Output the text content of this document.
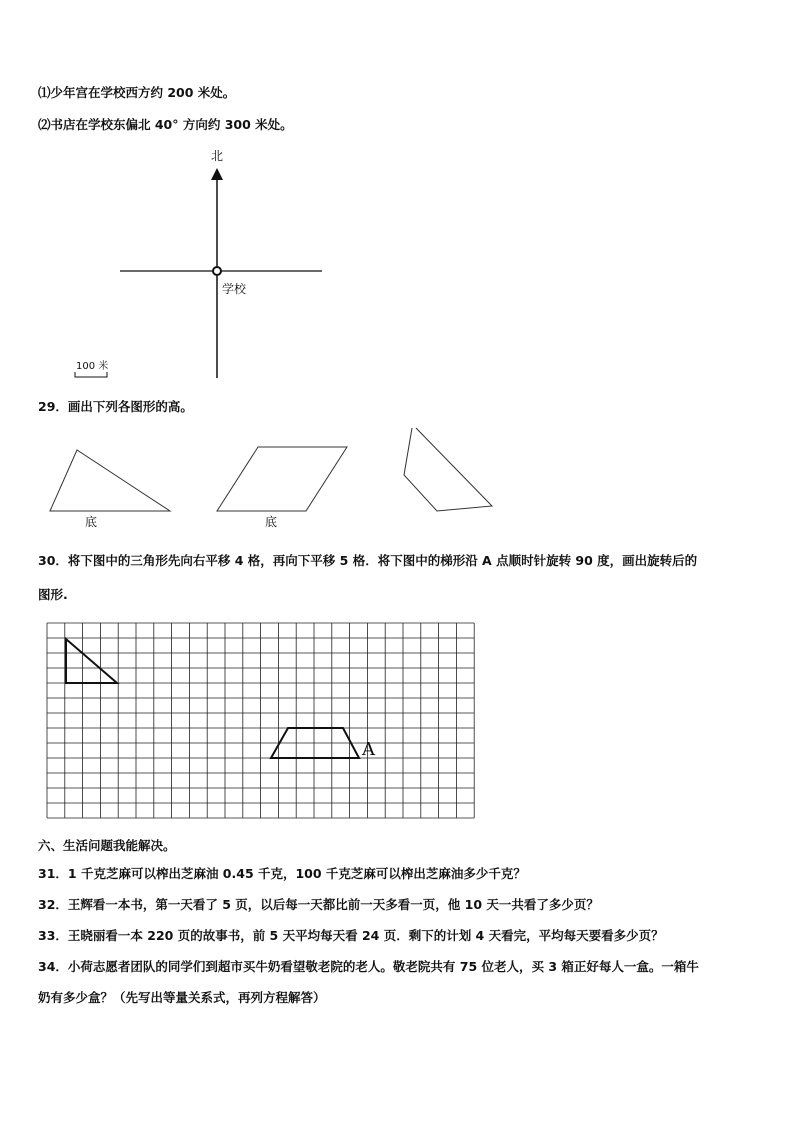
⑴少年宫在学校西方约 200 米处。
⑵书店在学校东偏北 40° 方向约 300 米处。
北
学校
100 米
29．画出下列各图形的高。
底	底
30．将下图中的三角形先向右平移 4 格，再向下平移 5 格．将下图中的梯形沿 A 点顺时针旋转 90 度，画出旋转后的
图形.
A
六、生活问题我能解决。
31．1 千克芝麻可以榨出芝麻油 0.45 千克，100 千克芝麻可以榨出芝麻油多少千克？
32．王辉看一本书，第一天看了 5 页，以后每一天都比前一天多看一页，他 10 天一共看了多少页？
33．王晓丽看一本 220 页的故事书，前 5 天平均每天看 24 页．剩下的计划 4 天看完，平均每天要看多少页？
34．小荷志愿者团队的同学们到超市买牛奶看望敬老院的老人。敬老院共有 75 位老人，买 3 箱正好每人一盒。一箱牛
奶有多少盒？（先写出等量关系式，再列方程解答）
